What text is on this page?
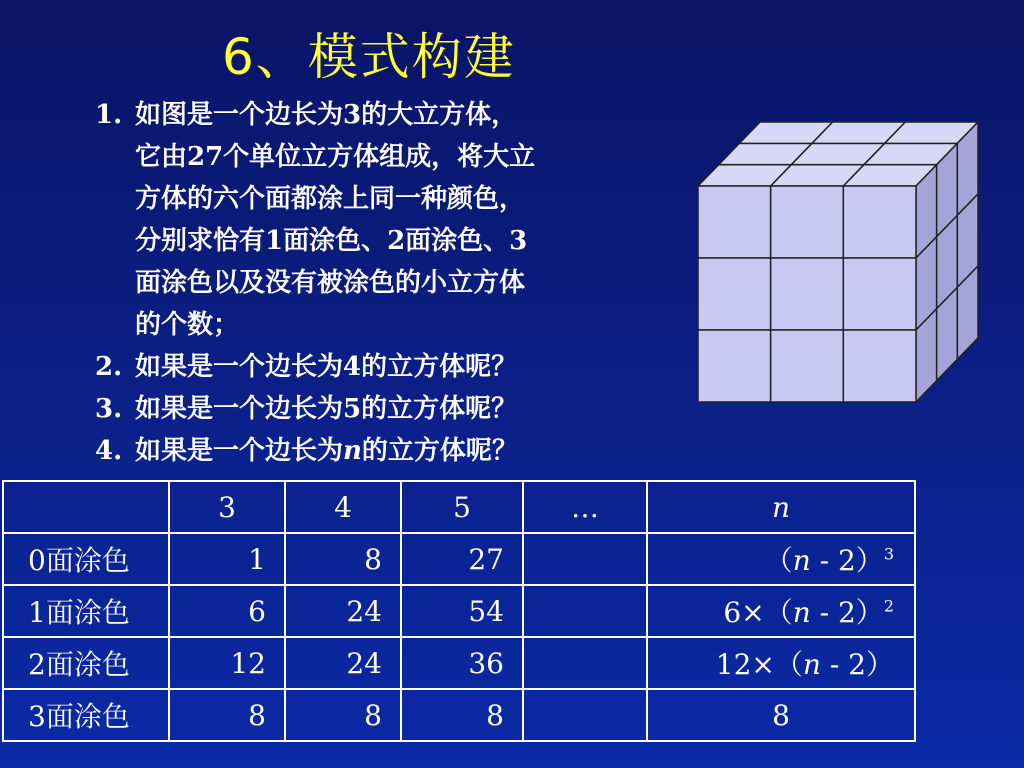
6、模式构建
1. 如图是一个边长为3的大立方体，
它由27个单位立方体组成，将大立
方体的六个面都涂上同一种颜色，
分别求恰有1面涂色、2面涂色、3
面涂色以及没有被涂色的小立方体
的个数；
2. 如果是一个边长为4的立方体呢？
3. 如果是一个边长为5的立方体呢？
4. 如果是一个边长为n的立方体呢？
	3	4	5	…	n
0面涂色	1	8	27		（n - 2）$^3$
1面涂色	6	24	54		6×（n - 2）$^2$
2面涂色	12	24	36		12×（n - 2）
3面涂色	8	8	8		8
